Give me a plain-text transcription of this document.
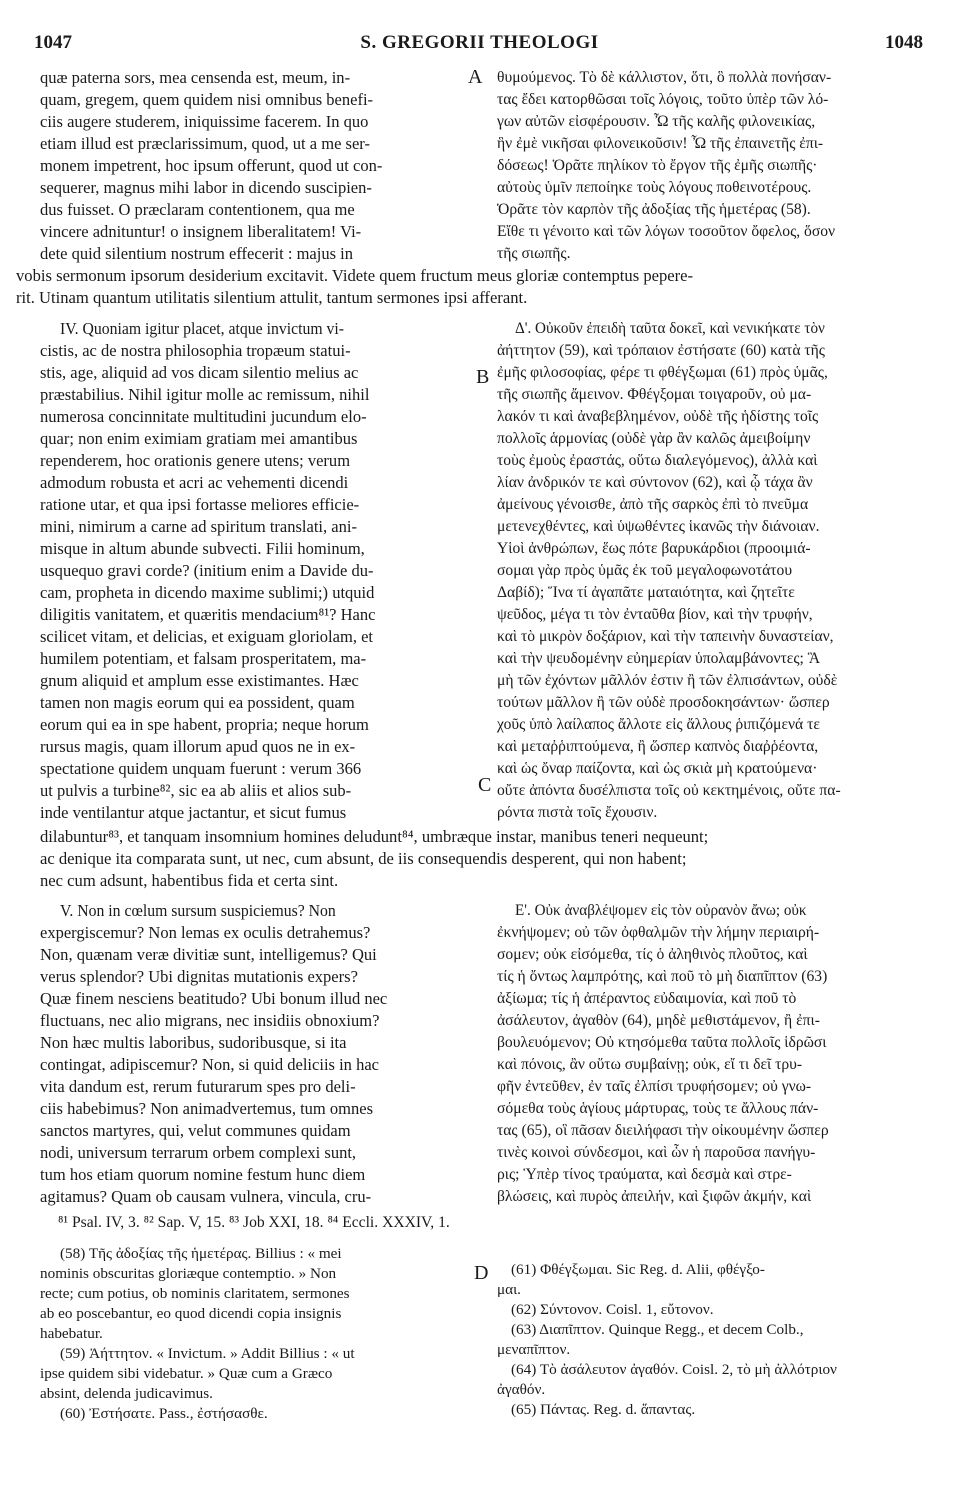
S. GREGORII THEOLOGI
1047	1048
A
B
C
D
quæ paterna sors, mea censenda est, meum, in-
quam, gregem, quem quidem nisi omnibus benefi-
ciis augere studerem, iniquissime facerem. In quo
etiam illud est præclarissimum, quod, ut a me ser-
monem impetrent, hoc ipsum offerunt, quod ut con-
sequerer, magnus mihi labor in dicendo suscipien-
dus fuisset. O præclaram contentionem, qua me
vincere adnituntur! o insignem liberalitatem! Vi-
dete quid silentium nostrum effecerit : majus in
θυμούμενος. Τὸ δὲ κάλλιστον, ὅτι, ὃ πολλὰ πονήσαν-
τας ἔδει κατορθῶσαι τοῖς λόγοις, τοῦτο ὑπὲρ τῶν λό-
γων αὐτῶν εἰσφέρουσιν. Ὦ τῆς καλῆς φιλονεικίας,
ἣν ἐμὲ νικῆσαι φιλονεικοῦσιν! Ὦ τῆς ἐπαινετῆς ἐπι-
δόσεως! Ὁρᾶτε πηλίκον τὸ ἔργον τῆς ἐμῆς σιωπῆς·
αὐτοὺς ὑμῖν πεποίηκε τοὺς λόγους ποθεινοτέρους.
Ὁρᾶτε τὸν καρπὸν τῆς ἀδοξίας τῆς ἡμετέρας (58).
Εἴθε τι γένοιτο καὶ τῶν λόγων τοσοῦτον ὄφελος, ὅσον
τῆς σιωπῆς.
vobis sermonum ipsorum desiderium excitavit. Videte quem fructum meus gloriæ contemptus pepere-
rit. Utinam quantum utilitatis silentium attulit, tantum sermones ipsi afferant.
IV. Quoniam igitur placet, atque invictum vi-
cistis, ac de nostra philosophia tropæum statui-
stis, age, aliquid ad vos dicam silentio melius ac
præstabilius. Nihil igitur molle ac remissum, nihil
numerosa concinnitate multitudini jucundum elo-
quar; non enim eximiam gratiam mei amantibus
rependerem, hoc orationis genere utens; verum
admodum robusta et acri ac vehementi dicendi
ratione utar, et qua ipsi fortasse meliores efficie-
mini, nimirum a carne ad spiritum translati, ani-
misque in altum abunde subvecti. Filii hominum,
usquequo gravi corde? (initium enim a Davide du-
cam, propheta in dicendo maxime sublimi;) utquid
diligitis vanitatem, et quæritis mendacium⁸¹? Hanc
scilicet vitam, et delicias, et exiguam gloriolam, et
humilem potentiam, et falsam prosperitatem, ma-
gnum aliquid et amplum esse existimantes. Hæc
tamen non magis eorum qui ea possident, quam
eorum qui ea in spe habent, propria; neque horum
rursus magis, quam illorum apud quos ne in ex-
spectatione quidem unquam fuerunt : verum 366
ut pulvis a turbine⁸², sic ea ab aliis et alios sub-
inde ventilantur atque jactantur, et sicut fumus
Δ'. Οὐκοῦν ἐπειδὴ ταῦτα δοκεῖ, καὶ νενικήκατε τὸν
ἀήττητον (59), καὶ τρόπαιον ἐστήσατε (60) κατὰ τῆς
ἐμῆς φιλοσοφίας, φέρε τι φθέγξωμαι (61) πρὸς ὑμᾶς,
τῆς σιωπῆς ἄμεινον. Φθέγξομαι τοιγαροῦν, οὐ μα-
λακόν τι καὶ ἀναβεβλημένον, οὐδὲ τῆς ἡδίστης τοῖς
πολλοῖς ἁρμονίας (οὐδὲ γὰρ ἂν καλῶς ἀμειβοίμην
τοὺς ἐμοὺς ἐραστάς, οὕτω διαλεγόμενος), ἀλλὰ καὶ
λίαν ἀνδρικόν τε καὶ σύντονον (62), καὶ ᾧ τάχα ἂν
ἀμείνους γένοισθε, ἀπὸ τῆς σαρκὸς ἐπὶ τὸ πνεῦμα
μετενεχθέντες, καὶ ὑψωθέντες ἱκανῶς τὴν διάνοιαν.
Υἱοὶ ἀνθρώπων, ἕως πότε βαρυκάρδιοι (προοιμιά-
σομαι γὰρ πρὸς ὑμᾶς ἐκ τοῦ μεγαλοφωνοτάτου
Δαβίδ); Ἵνα τί ἀγαπᾶτε ματαιότητα, καὶ ζητεῖτε
ψεῦδος, μέγα τι τὸν ἐνταῦθα βίον, καὶ τὴν τρυφήν,
καὶ τὸ μικρὸν δοξάριον, καὶ τὴν ταπεινὴν δυναστείαν,
καὶ τὴν ψευδομένην εὐημερίαν ὑπολαμβάνοντες; Ἃ
μὴ τῶν ἐχόντων μᾶλλόν ἐστιν ἢ τῶν ἐλπισάντων, οὐδὲ
τούτων μᾶλλον ἢ τῶν οὐδὲ προσδοκησάντων· ὥσπερ
χοῦς ὑπὸ λαίλαπος ἄλλοτε εἰς ἄλλους ῥιπιζόμενά τε
καὶ μεταῤῥιπτούμενα, ἢ ὥσπερ καπνὸς διαῤῥέοντα,
καὶ ὡς ὄναρ παίζοντα, καὶ ὡς σκιὰ μὴ κρατούμενα·
οὔτε ἀπόντα δυσέλπιστα τοῖς οὐ κεκτημένοις, οὔτε πα-
ρόντα πιστὰ τοῖς ἔχουσιν.
dilabuntur⁸³, et tanquam insomnium homines deludunt⁸⁴, umbræque instar, manibus teneri nequeunt;
ac denique ita comparata sunt, ut nec, cum absunt, de iis consequendis desperent, qui non habent;
nec cum adsunt, habentibus fida et certa sint.
V. Non in cœlum sursum suspiciemus? Non
expergiscemur? Non lemas ex oculis detrahemus?
Non, quænam veræ divitiæ sunt, intelligemus? Qui
verus splendor? Ubi dignitas mutationis expers?
Quæ finem nesciens beatitudo? Ubi bonum illud nec
fluctuans, nec alio migrans, nec insidiis obnoxium?
Non hæc multis laboribus, sudoribusque, si ita
contingat, adipiscemur? Non, si quid deliciis in hac
vita dandum est, rerum futurarum spes pro deli-
ciis habebimus? Non animadvertemus, tum omnes
sanctos martyres, qui, velut communes quidam
nodi, universum terrarum orbem complexi sunt,
tum hos etiam quorum nomine festum hunc diem
agitamus? Quam ob causam vulnera, vincula, cru-
Ε'. Οὐκ ἀναβλέψομεν εἰς τὸν οὐρανὸν ἄνω; οὐκ
ἐκνήψομεν; οὐ τῶν ὀφθαλμῶν τὴν λήμην περιαιρή-
σομεν; οὐκ εἰσόμεθα, τίς ὁ ἀληθινὸς πλοῦτος, καὶ
τίς ἡ ὄντως λαμπρότης, καὶ ποῦ τὸ μὴ διαπῖπτον (63)
ἀξίωμα; τίς ἡ ἀπέραντος εὐδαιμονία, καὶ ποῦ τὸ
ἀσάλευτον, ἀγαθὸν (64), μηδὲ μεθιστάμενον, ἢ ἐπι-
βουλευόμενον; Οὐ κτησόμεθα ταῦτα πολλοῖς ἱδρῶσι
καὶ πόνοις, ἂν οὕτω συμβαίνῃ; οὐκ, εἴ τι δεῖ τρυ-
φῆν ἐντεῦθεν, ἐν ταῖς ἐλπίσι τρυφήσομεν; οὐ γνω-
σόμεθα τοὺς ἁγίους μάρτυρας, τοὺς τε ἄλλους πάν-
τας (65), οἳ πᾶσαν διειλήφασι τὴν οἰκουμένην ὥσπερ
τινὲς κοινοὶ σύνδεσμοι, καὶ ὧν ἡ παροῦσα πανήγυ-
ρις; Ὑπὲρ τίνος τραύματα, καὶ δεσμὰ καὶ στρε-
βλώσεις, καὶ πυρὸς ἀπειλήν, καὶ ξιφῶν ἀκμήν, καὶ
⁸¹ Psal. IV, 3. ⁸² Sap. V, 15. ⁸³ Job XXI, 18. ⁸⁴ Eccli. XXXIV, 1.
(58) Τῆς ἀδοξίας τῆς ἡμετέρας. Billius : « mei
nominis obscuritas gloriæque contemptio. » Non
recte; cum potius, ob nominis claritatem, sermones
ab eo poscebantur, eo quod dicendi copia insignis
habebatur.
(59) Ἀήττητον. « Invictum. » Addit Billius : « ut
ipse quidem sibi videbatur. » Quæ cum a Græco
absint, delenda judicavimus.
(60) Ἐστήσατε. Pass., ἐστήσασθε.
(61) Φθέγξωμαι. Sic Reg. d. Alii, φθέγξο-
μαι.
(62) Σύντονον. Coisl. 1, εὔτονον.
(63) Διαπῖπτον. Quinque Regg., et decem Colb.,
μεναπῖπτον.
(64) Τὸ ἀσάλευτον ἀγαθόν. Coisl. 2, τὸ μὴ ἀλλότριον
ἀγαθόν.
(65) Πάντας. Reg. d. ἅπαντας.
